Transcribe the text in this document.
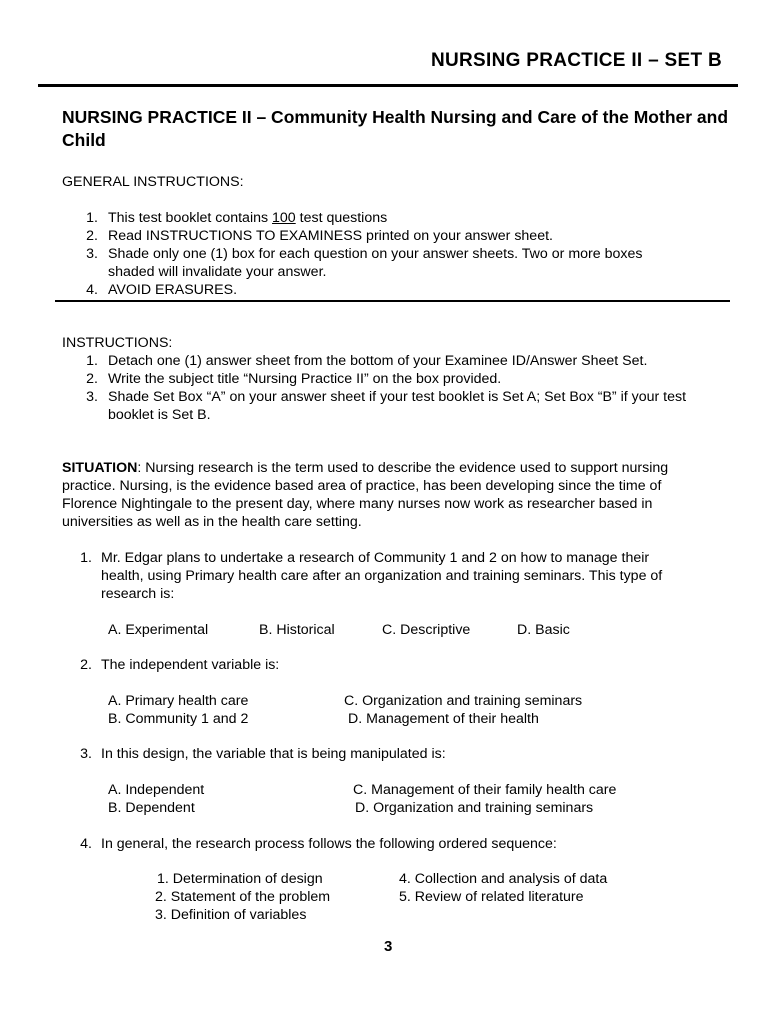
NURSING PRACTICE II – SET B
NURSING PRACTICE II – Community Health Nursing and Care of the Mother and Child
GENERAL INSTRUCTIONS:
1. This test booklet contains 100 test questions
2. Read INSTRUCTIONS TO EXAMINESS printed on your answer sheet.
3. Shade only one (1) box for each question on your answer sheets. Two or more boxes
shaded will invalidate your answer.
4. AVOID ERASURES.
INSTRUCTIONS:
1. Detach one (1) answer sheet from the bottom of your Examinee ID/Answer Sheet Set.
2. Write the subject title “Nursing Practice II” on the box provided.
3. Shade Set Box “A” on your answer sheet if your test booklet is Set A; Set Box “B” if your test
booklet is Set B.
SITUATION: Nursing research is the term used to describe the evidence used to support nursing
practice. Nursing, is the evidence based area of practice, has been developing since the time of
Florence Nightingale to the present day, where many nurses now work as researcher based in
universities as well as in the health care setting.
1. Mr. Edgar plans to undertake a research of Community 1 and 2 on how to manage their
health, using Primary health care after an organization and training seminars. This type of
research is:
A. Experimental	B. Historical	C. Descriptive	D. Basic
2. The independent variable is:
A. Primary health care	C. Organization and training seminars
B. Community 1 and 2	D. Management of their health
3. In this design, the variable that is being manipulated is:
A. Independent	C. Management of their family health care
B. Dependent	D. Organization and training seminars
4. In general, the research process follows the following ordered sequence:
1. Determination of design	4. Collection and analysis of data
2. Statement of the problem	5. Review of related literature
3. Definition of variables
3
